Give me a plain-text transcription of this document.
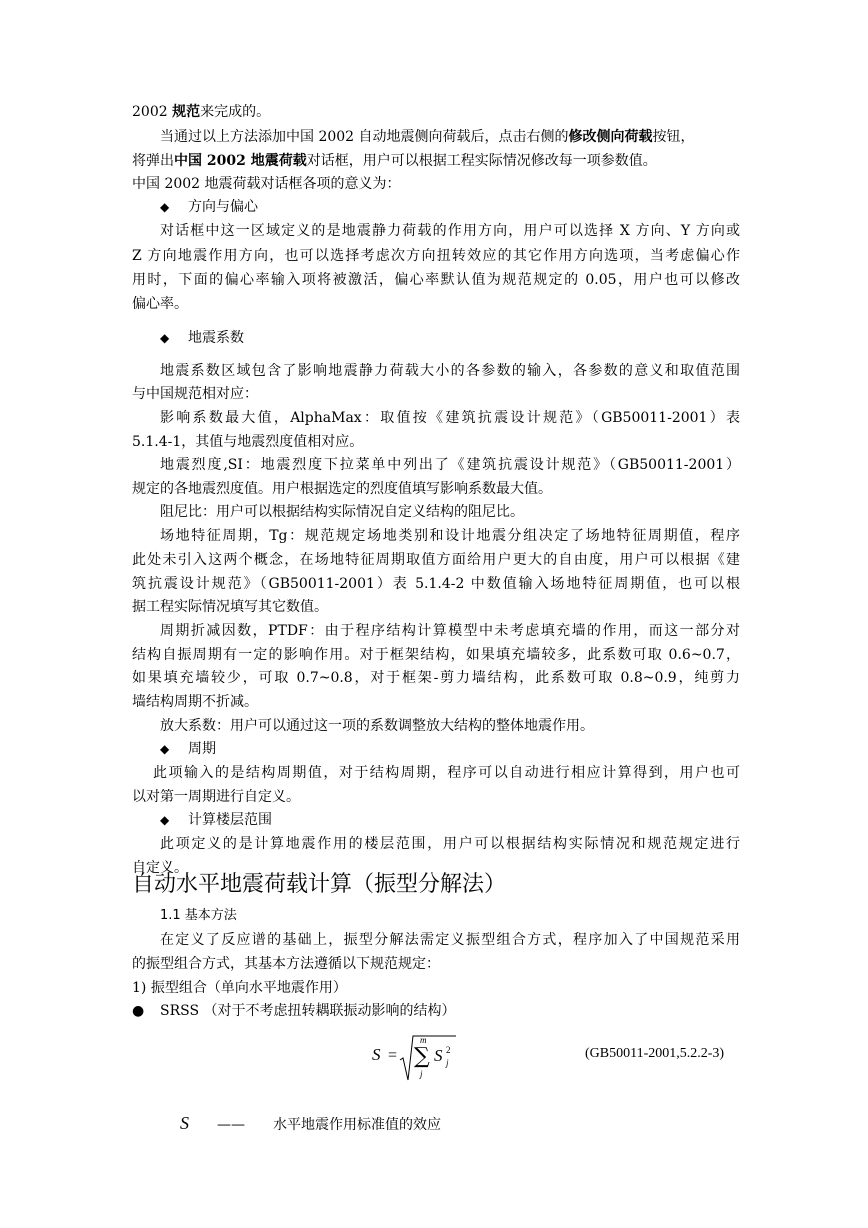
2002 规范来完成的。
当通过以上方法添加中国 2002 自动地震侧向荷载后，点击右侧的修改侧向荷载按钮，
将弹出中国 2002 地震荷载对话框，用户可以根据工程实际情况修改每一项参数值。
中国 2002 地震荷载对话框各项的意义为：
◆ 方向与偏心
对话框中这一区域定义的是地震静力荷载的作用方向，用户可以选择 X 方向、Y 方向或
Z 方向地震作用方向，也可以选择考虑次方向扭转效应的其它作用方向选项，当考虑偏心作
用时，下面的偏心率输入项将被激活，偏心率默认值为规范规定的 0.05，用户也可以修改
偏心率。
◆ 地震系数
地震系数区域包含了影响地震静力荷载大小的各参数的输入，各参数的意义和取值范围
与中国规范相对应：
影响系数最大值，AlphaMax：取值按《建筑抗震设计规范》（GB50011-2001）表
5.1.4-1，其值与地震烈度值相对应。
地震烈度,SI：地震烈度下拉菜单中列出了《建筑抗震设计规范》（GB50011-2001）
规定的各地震烈度值。用户根据选定的烈度值填写影响系数最大值。
阻尼比：用户可以根据结构实际情况自定义结构的阻尼比。
场地特征周期，Tg：规范规定场地类别和设计地震分组决定了场地特征周期值，程序
此处未引入这两个概念，在场地特征周期取值方面给用户更大的自由度，用户可以根据《建
筑抗震设计规范》（GB50011-2001）表 5.1.4-2 中数值输入场地特征周期值，也可以根
据工程实际情况填写其它数值。
周期折减因数，PTDF：由于程序结构计算模型中未考虑填充墙的作用，而这一部分对
结构自振周期有一定的影响作用。对于框架结构，如果填充墙较多，此系数可取 0.6~0.7，
如果填充墙较少，可取 0.7~0.8，对于框架-剪力墙结构，此系数可取 0.8~0.9，纯剪力
墙结构周期不折减。
放大系数：用户可以通过这一项的系数调整放大结构的整体地震作用。
◆ 周期
此项输入的是结构周期值，对于结构周期，程序可以自动进行相应计算得到，用户也可
以对第一周期进行自定义。
◆ 计算楼层范围
此项定义的是计算地震作用的楼层范围，用户可以根据结构实际情况和规范规定进行
自定义。
自动水平地震荷载计算（振型分解法）
1.1 基本方法
在定义了反应谱的基础上，振型分解法需定义振型组合方式，程序加入了中国规范采用
的振型组合方式，其基本方法遵循以下规范规定：
1) 振型组合（单向水平地震作用）
● SRSS （对于不考虑扭转耦联振动影响的结构）
S =
m
∑
j
S 2
j
(GB50011-2001,5.2.2-3)
S —— 水平地震作用标准值的效应
